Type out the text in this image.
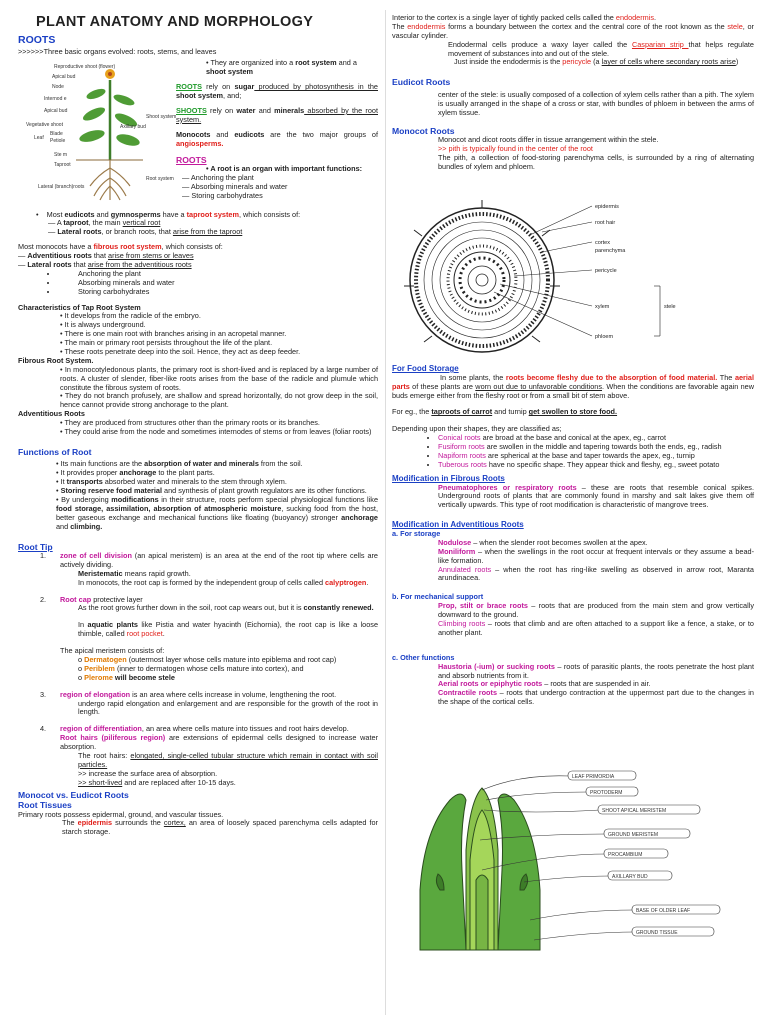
PLANT ANATOMY AND MORPHOLOGY
ROOTS

>>>>>>Three basic organs evolved: roots, stems, and leaves

Reproductive shoot (flower)
Apical bud
Node
Internod e
Apical bud
Vegetative shoot	Axillary bud
Leaf
Blade
Petiole
Ste m
Taproot
Lateral (branch)roots
Shoot system
Root system

• They are organized into a root system and a shoot system

ROOTS rely on sugar produced by photosynthesis in the shoot system, and;

SHOOTS rely on water and minerals absorbed by the root system.

Monocots and eudicots are the two major groups of angiosperms.

ROOTS

• A root is an organ with important functions:

— Anchoring the plant

— Absorbing minerals and water

— Storing carbohydrates

•    Most eudicots and gymnosperms have a taproot system, which consists of:

— A taproot, the main vertical root

— Lateral roots, or branch roots, that arise from the taproot

Most monocots have a fibrous root system, which consists of:

— Adventitious roots that arise from stems or leaves

— Lateral roots that arise from the adventitious roots

• Anchoring the plant
• Absorbing minerals and water
• Storing carbohydrates

Characteristics of Tap Root System

• It develops from the radicle of the embryo.

• It is always underground.

• There is one main root with branches arising in an acropetal manner.

• The main or primary root persists throughout the life of the plant.

• These roots penetrate deep into the soil. Hence, they act as deep feeder.

Fibrous Root System.

• In monocotyledonous plants, the primary root is short-lived and is replaced by a large number of roots. A cluster of slender, fiber-like roots arises from the base of the radicle and plumule which constitute the fibrous system of roots.

• They do not branch profusely, are shallow and spread horizontally, do not grow deep in the soil, hence cannot provide strong anchorage to the plant.

Adventitious Roots

• They are produced from structures other than the primary roots or its branches.

• They could arise from the node and sometimes internodes of stems or from leaves (foliar roots)

Functions of Root

• Its main functions are the absorption of water and minerals from the soil.

• It provides proper anchorage to the plant parts.

• It transports absorbed water and minerals to the stem through xylem.

• Storing reserve food material and synthesis of plant growth regulators are its other functions.

• By undergoing modifications in their structure, roots perform special physiological functions like food storage, assimilation, absorption of atmospheric moisture, sucking food from the host, better gaseous exchange and mechanical functions like floating (buoyancy) stronger anchorage and climbing.

Root Tip

1. zone of cell division (an apical meristem) is an area at the end of the root tip where cells are actively dividing.

Meristematic means rapid growth.

In monocots, the root cap is formed by the independent group of cells called calyptrogen.

2. Root cap protective layer

As the root grows further down in the soil, root cap wears out, but it is constantly renewed.

In aquatic plants like Pistia and water hyacinth (Eichornia), the root cap is like a loose thimble, called root pocket.

The apical meristem consists of:

o Dermatogen (outermost layer whose cells mature into epiblema and root cap)

o Periblem (inner to dermatogen whose cells mature into cortex), and

o Plerome will become stele

3. region of elongation is an area where cells increase in volume, lengthening the root.

undergo rapid elongation and enlargement and are responsible for the growth of the root in length.

4. region of differentiation, an area where cells mature into tissues and root hairs develop.

Root hairs (piliferous region) are extensions of epidermal cells designed to increase water absorption.

The root hairs: elongated, single-celled tubular structure which remain in contact with soil particles.

>> increase the surface area of absorption.

>> short-lived and are replaced after 10-15 days.

Monocot vs. Eudicot Roots

Root Tissues

Primary roots possess epidermal, ground, and vascular tissues.

The epidermis surrounds the cortex, an area of loosely spaced parenchyma cells adapted for starch storage.

Interior to the cortex is a single layer of tightly packed cells called the endodermis.

The endodermis forms a boundary between the cortex and the central core of the root known as the stele, or vascular cylinder.

Endodermal cells produce a waxy layer called the Casparian strip that helps regulate movement of substances into and out of the stele.

Just inside the endodermis is the pericycle (a layer of cells where secondary roots arise)

Eudicot Roots

center of the stele: is usually composed of a collection of xylem cells rather than a pith. The xylem is usually arranged in the shape of a cross or star, with bundles of phloem in between the arms of xylem tissue.

Monocot Roots

Monocot and dicot roots differ in tissue arrangement within the stele.

>> pith is typically found in the center of the root

The pith, a collection of food-storing parenchyma cells, is surrounded by a ring of alternating bundles of xylem and phloem.

epidermis
root hair
cortex
parenchyma
pericycle
xylem	stele
phloem

For Food Storage

In some plants, the roots become fleshy due to the absorption of food material. The aerial parts of these plants are worn out due to unfavorable conditions. When the conditions are favorable again new buds emerge either from the fleshy root or from a small bit of stem above.

For eg., the taproots of carrot and turnip get swollen to store food.

Depending upon their shapes, they are classified as;

• Conical roots are broad at the base and conical at the apex, eg., carrot
• Fusiform roots are swollen in the middle and tapering towards both the ends, eg., radish
• Napiform roots are spherical at the base and taper towards the apex, eg., turnip
• Tuberous roots have no specific shape. They appear thick and fleshy, eg., sweet potato

Modification in Fibrous Roots

Pneumatophores or respiratory roots – these are roots that resemble conical spikes. Underground roots of plants that are commonly found in marshy and salt lakes give them off vertically upwards. This type of root modification is characteristic of mangrove trees.

Modification in Adventitious Roots

a. For storage

Nodulose – when the slender root becomes swollen at the apex.

Moniliform – when the swellings in the root occur at frequent intervals or they assume a bead-like formation.

Annulated roots – when the root has ring-like swelling as observed in arrow root, Maranta arundinacea.

b. For mechanical support

Prop, stilt or brace roots – roots that are produced from the main stem and grow vertically downward to the ground.

Climbing roots – roots that climb and are often attached to a support like a fence, a stake, or to another plant.

c. Other functions

Haustoria (-ium) or sucking roots – roots of parasitic plants, the roots penetrate the host plant and absorb nutrients from it.

Aerial roots or epiphytic roots – roots that are suspended in air.

Contractile roots – roots that undergo contraction at the uppermost part due to the changes in the shape of the cortical cells.

LEAF PRIMORDIA
PROTODERM
SHOOT APICAL MERISTEM
GROUND MERISTEM
PROCAMBIUM
AXILLARY BUD
BASE OF OLDER LEAF
GROUND TISSUE
